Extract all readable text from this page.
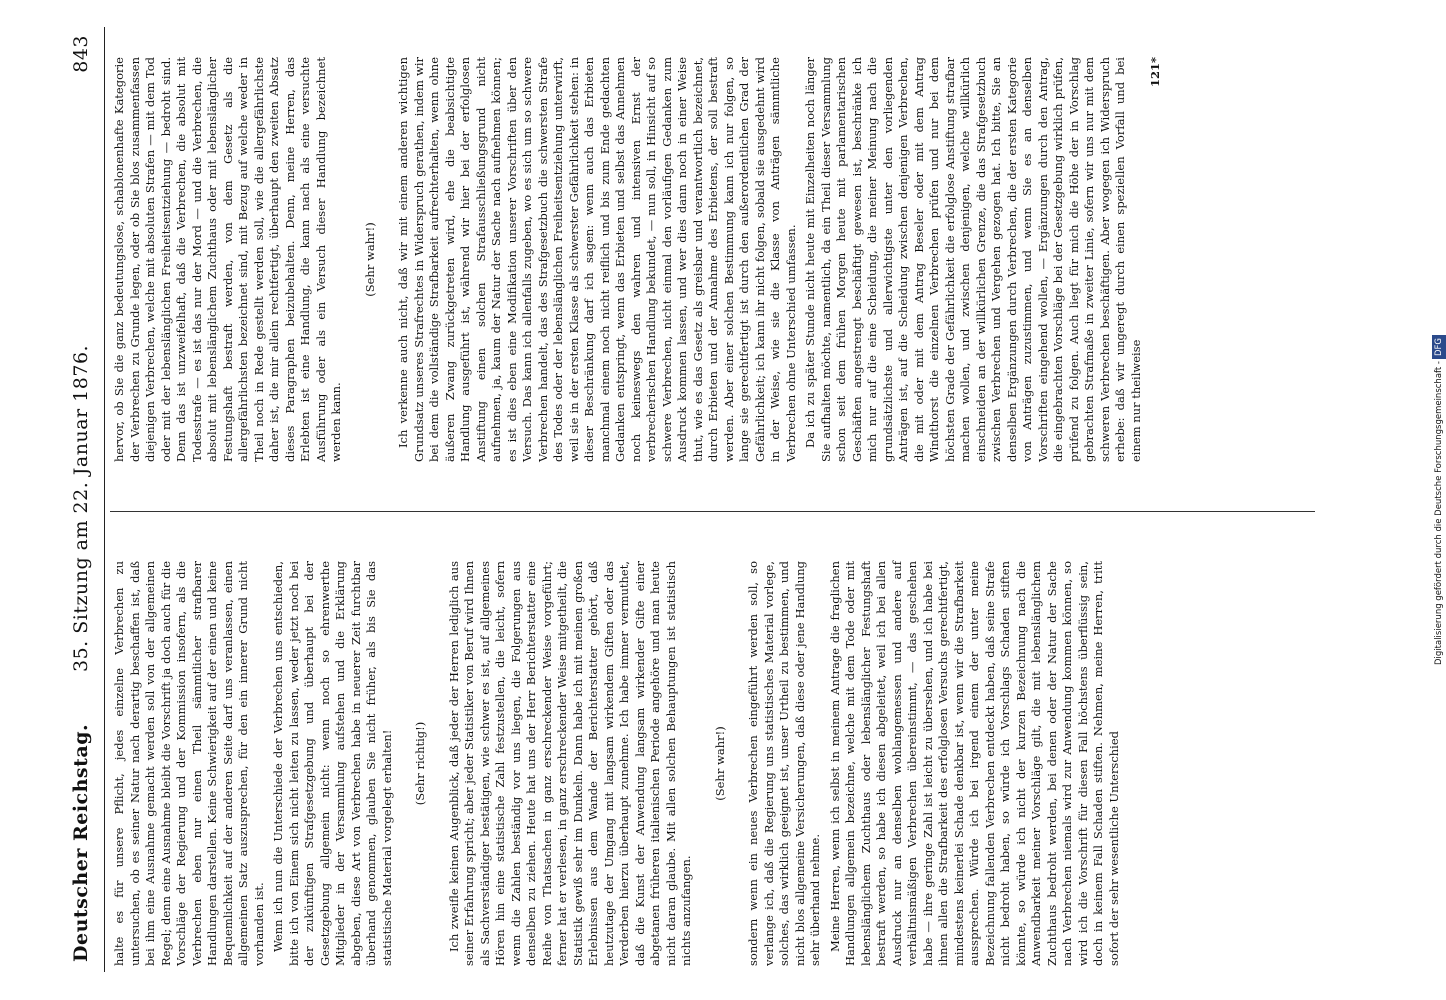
Deutscher Reichstag.
35. Sitzung am 22. Januar 1876.
843

halte es für unsere Pflicht, jedes einzelne Verbrechen zu untersuchen, ob es seiner Natur nach derartig beschaffen ist, daß bei ihm eine Ausnahme gemacht werden soll von der allgemeinen Regel; denn eine Ausnahme bleibt die Vorschrift ja doch auch für die Vorschläge der Regierung und der Kommission insofern, als die Verbrechen eben nur einen Theil sämmtlicher strafbarer Handlungen darstellen. Keine Schwierigkeit auf der einen und keine Bequemlichkeit auf der anderen Seite darf uns veranlassen, einen allgemeinen Satz auszusprechen, für den ein innerer Grund nicht vorhanden ist. Wenn ich nun die Unterschiede der Verbrechen uns entschieden, bitte ich von Einem sich nicht leiten zu lassen, weder jetzt noch bei der zukünftigen Strafgesetzgebung und überhaupt bei der Gesetzgebung allgemein nicht: wenn noch so ehrenwerthe Mitglieder in der Versammlung aufstehen und die Erklärung abgeben, diese Art von Verbrechen habe in neuerer Zeit furchtbar überhand genommen, glauben Sie nicht früher, als bis Sie das statistische Material vorgelegt erhalten! (Sehr richtig!) Ich zweifle keinen Augenblick, daß jeder der Herren lediglich aus seiner Erfahrung spricht; aber jeder Statistiker von Beruf wird Ihnen als Sachverständiger bestätigen, wie schwer es ist, auf allgemeines Hören hin eine statistische Zahl festzustellen, die leicht, sofern wenn die Zahlen beständig vor uns liegen, die Folgerungen aus denselben zu ziehen. Heute hat uns der Herr Berichterstatter eine Reihe von Thatsachen in ganz erschreckender Weise vorgeführt; ferner hat er verlesen, in ganz erschreckender Weise mitgetheilt, die Statistik gewiß sehr im Dunkeln. Dann habe ich mit meinen großen Erlebnissen aus dem Wande der Berichterstatter gehört, daß heutzutage der Umgang mit langsam wirkendem Giften oder das Verderben hierzu überhaupt zunehme. Ich habe immer vermuthet, daß die Kunst der Anwendung langsam wirkender Gifte einer abgetanen früheren italienischen Periode angehöre und man heute nicht daran glaube. Mit allen solchen Behauptungen ist statistisch nichts anzufangen.

(Sehr wahr!) sondern wenn ein neues Verbrechen eingeführt werden soll, so verlange ich, daß die Regierung uns statistisches Material vorlege, solches, das wirklich geeignet ist, unser Urtheil zu bestimmen, und nicht blos allgemeine Versicherungen, daß diese oder jene Handlung sehr überhand nehme. Meine Herren, wenn ich selbst in meinem Antrage die fraglichen Handlungen allgemein bezeichne, welche mit dem Tode oder mit lebenslänglichem Zuchthaus oder lebenslänglicher Festungshaft bestraft werden, so habe ich diesen abgeleitet, weil ich bei allen Ausdruck nur an denselben wohlangemessen und andere auf verhältnismäßigen Verbrechen übereinstimmt, — das geschehen habe — ihre geringe Zahl ist leicht zu übersehen, und ich habe bei ihnen allen die Strafbarkeit des erfolglosen Versuchs gerechtfertigt, mindestens keinerlei Schade denkbar ist, wenn wir die Strafbarkeit aussprechen. Würde ich bei irgend einem der unter meine Bezeichnung fallenden Verbrechen entdeckt haben, daß seine Strafe nicht bedroht haben, so würde ich Vorschlags Schaden stiften könnte, so würde ich nicht der kurzen Bezeichnung nach die Anwendbarkeit meiner Vorschläge gilt, die mit lebenslänglichem Zuchthaus bedroht werden, bei denen oder der Natur der Sache nach Verbrechen niemals wird zur Anwendung kommen können, so wird ich die Vorschrift für diesen Fall höchstens überflüssig sein, doch in keinem Fall Schaden stiften. Nehmen, meine Herren, tritt sofort der sehr wesentliche Unterschied

hervor, ob Sie die ganz bedeutungslose, schablonenhafte Kategorie der Verbrechen zu Grunde legen, oder ob Sie blos zusammenfassen diejenigen Verbrechen, welche mit absoluten Strafen — mit dem Tod oder mit der lebenslänglichen Freiheitsentziehung — bedroht sind. Denn das ist unzweifelhaft, daß die Verbrechen, die absolut mit Todesstrafe — es ist das nur der Mord — und die Verbrechen, die absolut mit lebenslänglichem Zuchthaus oder mit lebenslänglicher Festungshaft bestraft werden, von dem Gesetz als die allergefährlichsten bezeichnet sind, mit Bezug auf welche weder in Theil noch in Rede gestellt werden soll, wie die allergefährlichste daher ist, die mir allein rechtfertigt, überhaupt den zweiten Absatz dieses Paragraphen beizubehalten. Denn, meine Herren, das Erlebten ist eine Handlung, die kann nach als eine versuchte Ausführung oder als ein Versuch dieser Handlung bezeichnet werden kann.

(Sehr wahr!) Ich verkenne auch nicht, daß wir mit einem anderen wichtigen Grundsatz unseres Strafrechtes in Widerspruch gerathen, indem wir bei dem die vollständige Strafbarkeit aufrechterhalten, wenn ohne äußeren Zwang zurückgetreten wird, ehe die beabsichtigte Handlung ausgeführt ist, während wir hier bei der erfolglosen Anstiftung einen solchen Strafausschließungsgrund nicht aufnehmen, ja, kaum der Natur der Sache nach aufnehmen können; es ist dies eben eine Modifikation unserer Vorschriften über den Versuch. Das kann ich allenfalls zugeben, wo es sich um so schwere Verbrechen handelt, das des Strafgesetzbuch die schwersten Strafe des Todes oder der lebenslänglichen Freiheitsentziehung unterwirft, weil sie in der ersten Klasse als schwerster Gefährlichkeit stehen: in dieser Beschränkung darf ich sagen: wenn auch das Erbieten manchmal einem noch nicht reiflich und bis zum Ende gedachten Gedanken entspringt, wenn das Erbieten und selbst das Annehmen noch keineswegs den wahren und intensiven Ernst der verbrecherischen Handlung bekundet, — nun soll, in Hinsicht auf so schwere Verbrechen, nicht einmal den vorläufigen Gedanken zum Ausdruck kommen lassen, und wer dies dann noch in einer Weise thut, wie es das Gesetz als greisbar und verantwortlich bezeichnet, durch Erbieten und der Annahme des Erbietens, der soll bestraft werden. Aber einer solchen Bestimmung kann ich nur folgen, so lange sie gerechtfertigt ist durch den außerordentlichen Grad der Gefährlichkeit; ich kann ihr nicht folgen, sobald sie ausgedehnt wird in der Weise, wie sie die Klasse von Anträgen sämmtliche Verbrechen ohne Unterschied umfassen. Da ich zu später Stunde nicht heute mit Einzelheiten noch länger Sie aufhalten möchte, namentlich, da ein Theil dieser Versammlung schon seit dem frühen Morgen heute mit parlamentarischen Geschäften angestrengt beschäftigt gewesen ist, beschränke ich mich nur auf die eine Scheidung, die meiner Meinung nach die grundsätzlichste und allerwichtigste unter den vorliegenden Anträgen ist, auf die Scheidung zwischen denjenigen Verbrechen, die mit oder mit dem Antrag Beseler oder mit dem Antrag Windthorst die einzelnen Verbrechen prüfen und nur bei dem höchsten Grade der Gefährlichkeit die erfolglose Anstiftung strafbar machen wollen, und zwischen denjenigen, welche willkürlich einschneiden an der willkürlichen Grenze, die das Strafgesetzbuch zwischen Verbrechen und Vergehen gezogen hat. Ich bitte, Sie an denselben Ergänzungen durch Verbrechen, die der ersten Kategorie von Anträgen zuzustimmen, und wenn Sie es an denselben Vorschriften eingehend wollen, — Ergänzungen durch den Antrag, die eingebrachten Vorschläge bei der Gesetzgebung wirklich prüfen, prüfend zu folgen. Auch liegt für mich die Höhe der in Vorschlag gebrachten Strafmaße in zweiter Linie, sofern wir uns nur mit dem schweren Verbrechen beschäftigen. Aber wogegen ich Widerspruch erhebe: daß wir ungeregt durch einen speziellen Vorfall und bei einem nur theilweise

121*

Digitalisierung gefördert durch die Deutsche Forschungsgemeinschaft -DFG
